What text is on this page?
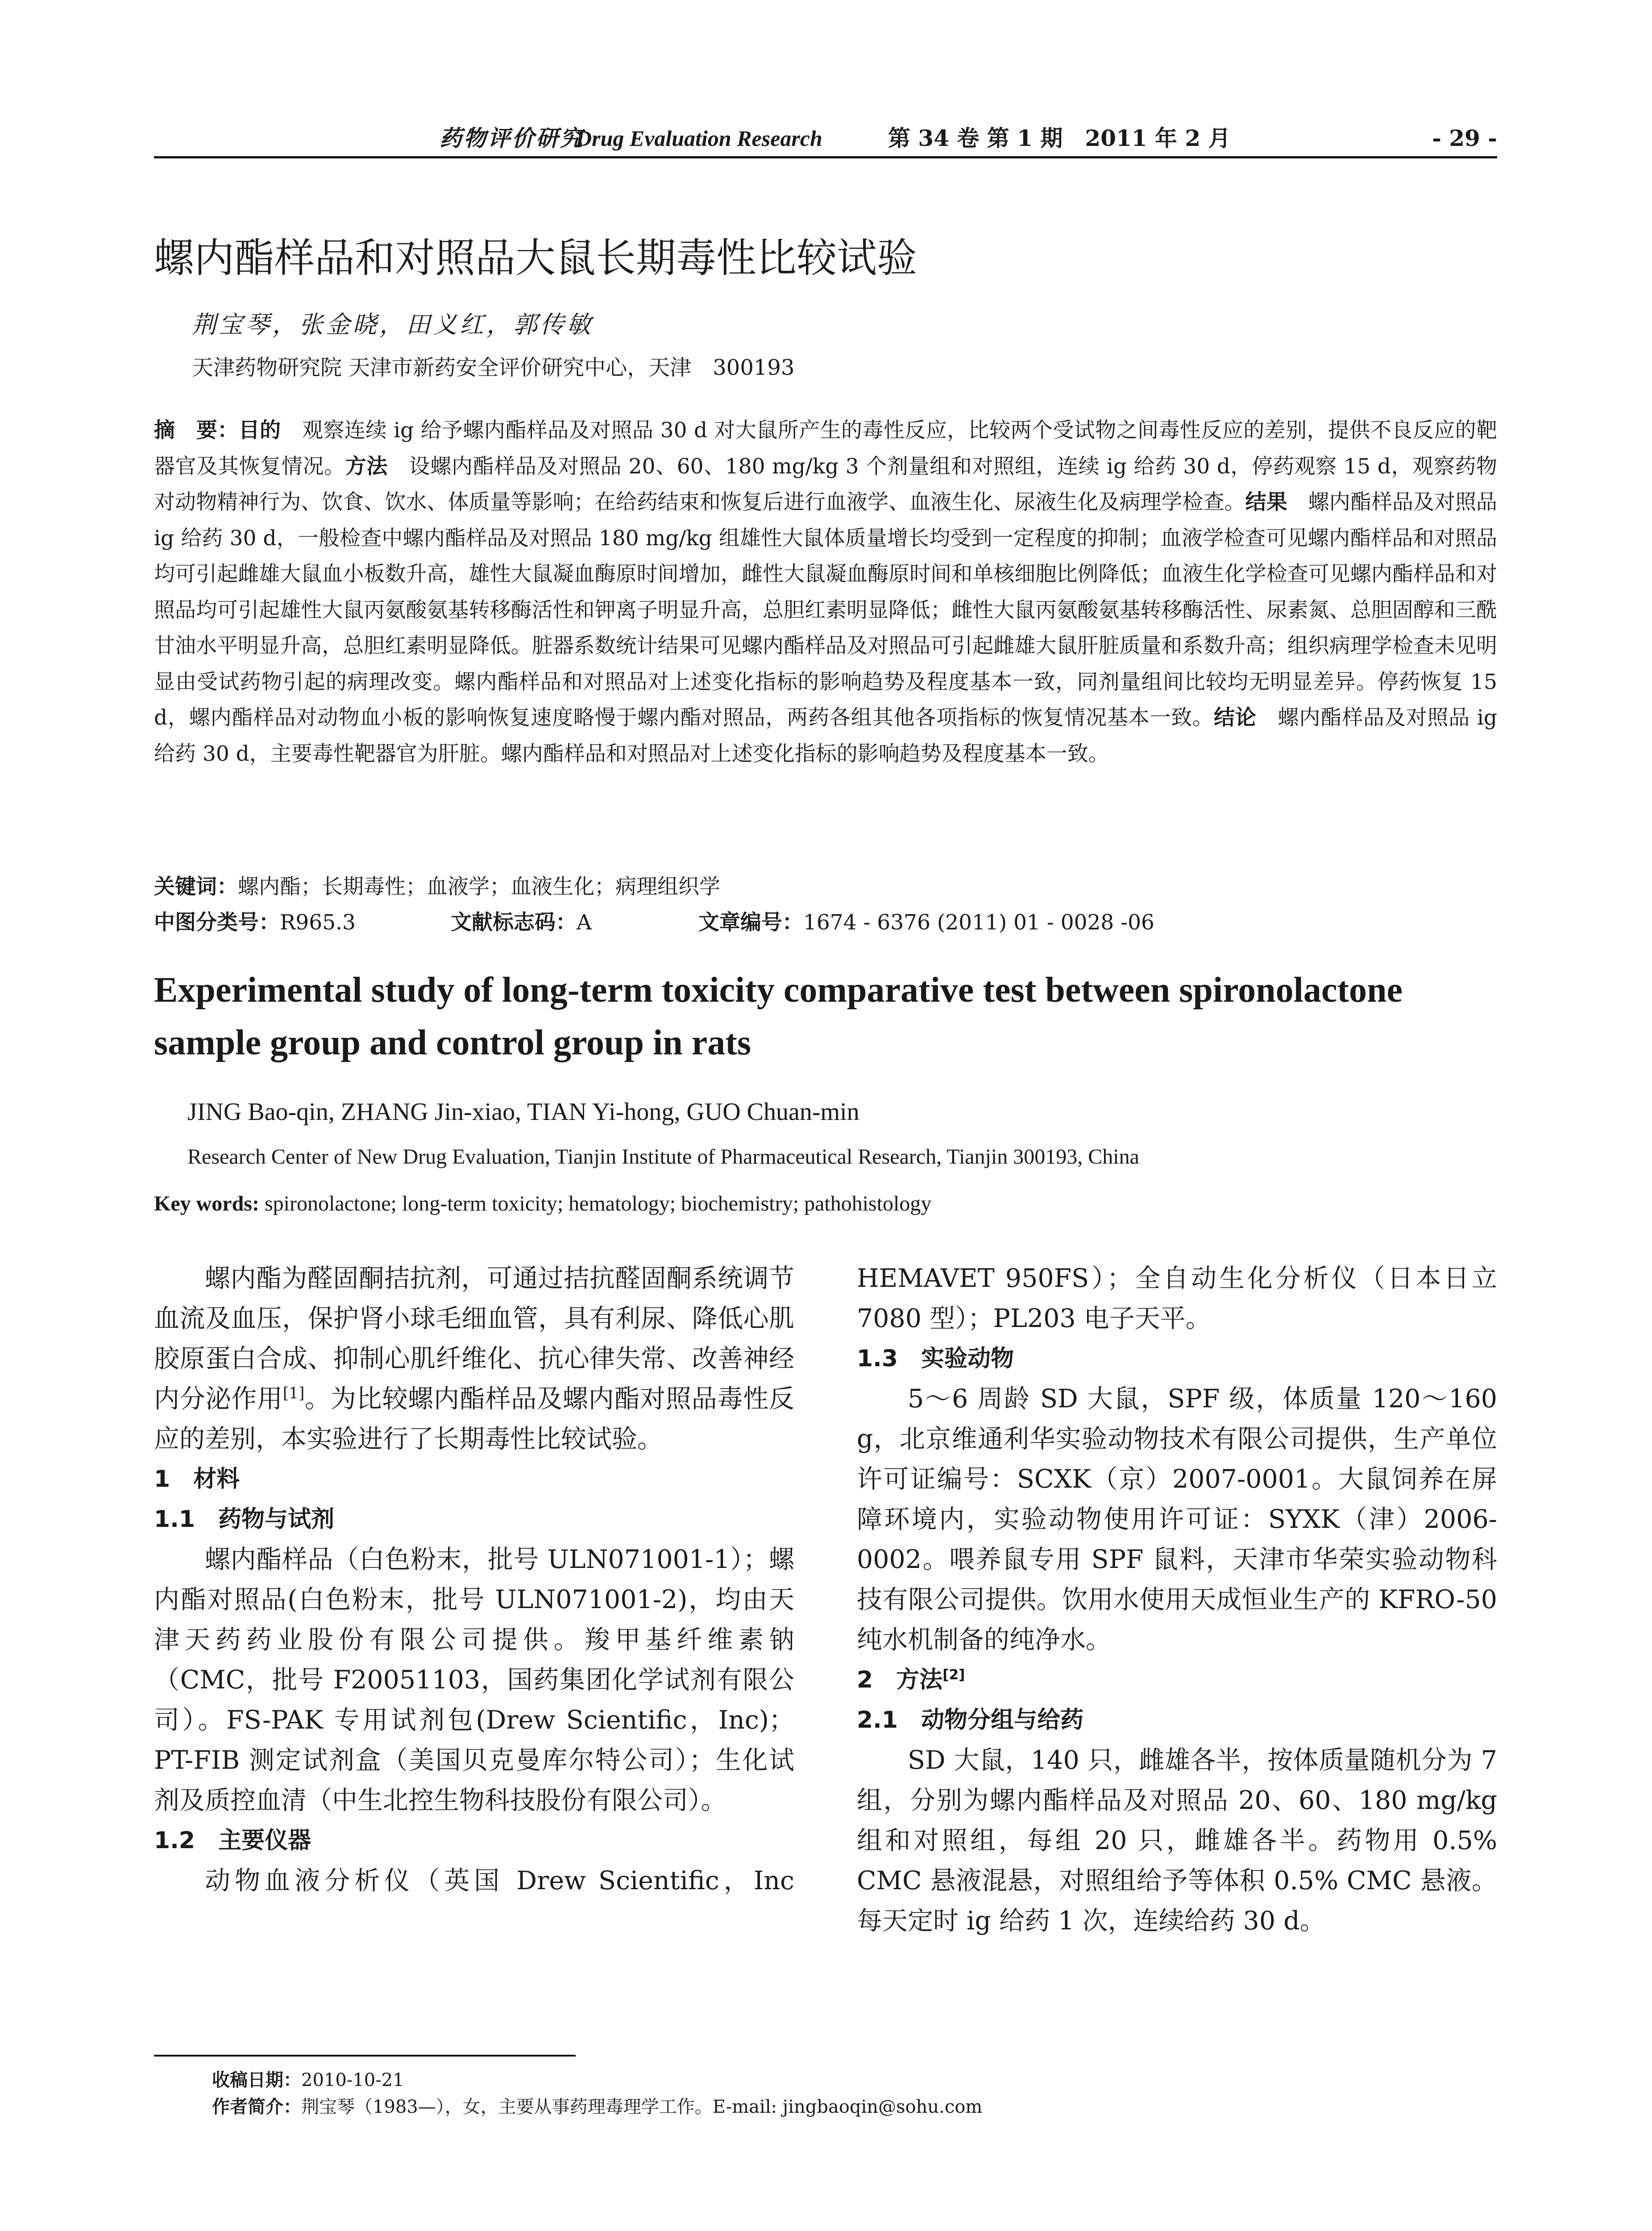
药物评价研究
Drug Evaluation Research	第 34 卷 第 1 期　2011 年 2 月	- 29 -
螺内酯样品和对照品大鼠长期毒性比较试验
荆宝琴，张金晓，田义红，郭传敏
天津药物研究院 天津市新药安全评价研究中心，天津　300193
摘　要：目的　观察连续 ig 给予螺内酯样品及对照品 30 d 对大鼠所产生的毒性反应，比较两个受试物之间毒性反应的差别，提供不良反应的靶器官及其恢复情况。方法　设螺内酯样品及对照品 20、60、180 mg/kg 3 个剂量组和对照组，连续 ig 给药 30 d，停药观察 15 d，观察药物对动物精神行为、饮食、饮水、体质量等影响；在给药结束和恢复后进行血液学、血液生化、尿液生化及病理学检查。结果　螺内酯样品及对照品 ig 给药 30 d，一般检查中螺内酯样品及对照品 180 mg/kg 组雄性大鼠体质量增长均受到一定程度的抑制；血液学检查可见螺内酯样品和对照品均可引起雌雄大鼠血小板数升高，雄性大鼠凝血酶原时间增加，雌性大鼠凝血酶原时间和单核细胞比例降低；血液生化学检查可见螺内酯样品和对照品均可引起雄性大鼠丙氨酸氨基转移酶活性和钾离子明显升高，总胆红素明显降低；雌性大鼠丙氨酸氨基转移酶活性、尿素氮、总胆固醇和三酰甘油水平明显升高，总胆红素明显降低。脏器系数统计结果可见螺内酯样品及对照品可引起雌雄大鼠肝脏质量和系数升高；组织病理学检查未见明显由受试药物引起的病理改变。螺内酯样品和对照品对上述变化指标的影响趋势及程度基本一致，同剂量组间比较均无明显差异。停药恢复 15 d，螺内酯样品对动物血小板的影响恢复速度略慢于螺内酯对照品，两药各组其他各项指标的恢复情况基本一致。结论　螺内酯样品及对照品 ig 给药 30 d，主要毒性靶器官为肝脏。螺内酯样品和对照品对上述变化指标的影响趋势及程度基本一致。
关键词：螺内酯；长期毒性；血液学；血液生化；病理组织学
中图分类号：R965.3	文献标志码：A	文章编号：1674 - 6376 (2011) 01 - 0028 -06
Experimental study of long-term toxicity comparative test between spironolactone sample group and control group in rats
JING Bao-qin, ZHANG Jin-xiao, TIAN Yi-hong, GUO Chuan-min
Research Center of New Drug Evaluation, Tianjin Institute of Pharmaceutical Research, Tianjin 300193, China
Key words: spironolactone; long-term toxicity; hematology; biochemistry; pathohistology

螺内酯为醛固酮拮抗剂，可通过拮抗醛固酮系统调节血流及血压，保护肾小球毛细血管，具有利尿、降低心肌胶原蛋白合成、抑制心肌纤维化、抗心律失常、改善神经内分泌作用[1]。为比较螺内酯样品及螺内酯对照品毒性反应的差别，本实验进行了长期毒性比较试验。

1　材料
1.1　药物与试剂

螺内酯样品（白色粉末，批号 ULN071001-1）；螺内酯对照品(白色粉末，批号 ULN071001-2)，均由天津天药药业股份有限公司提供。羧甲基纤维素钠（CMC，批号 F20051103，国药集团化学试剂有限公司）。FS-PAK 专用试剂包(Drew Scientific，Inc)；PT-FIB 测定试剂盒（美国贝克曼库尔特公司）；生化试剂及质控血清（中生北控生物科技股份有限公司）。

1.2　主要仪器

动物血液分析仪（英国 Drew Scientific，Inc

HEMAVET 950FS）；全自动生化分析仪（日本日立 7080 型）；PL203 电子天平。

1.3　实验动物

5～6 周龄 SD 大鼠，SPF 级，体质量 120～160 g，北京维通利华实验动物技术有限公司提供，生产单位许可证编号：SCXK（京）2007-0001。大鼠饲养在屏障环境内，实验动物使用许可证：SYXK（津）2006-0002。喂养鼠专用 SPF 鼠料，天津市华荣实验动物科技有限公司提供。饮用水使用天成恒业生产的 KFRO-50 纯水机制备的纯净水。

2　方法[2]
2.1　动物分组与给药

SD 大鼠，140 只，雌雄各半，按体质量随机分为 7 组，分别为螺内酯样品及对照品 20、60、180 mg/kg 组和对照组，每组 20 只，雌雄各半。药物用 0.5% CMC 悬液混悬，对照组给予等体积 0.5% CMC 悬液。每天定时 ig 给药 1 次，连续给药 30 d。

收稿日期：2010-10-21
作者简介：荆宝琴（1983—），女，主要从事药理毒理学工作。E-mail: jingbaoqin@sohu.com
